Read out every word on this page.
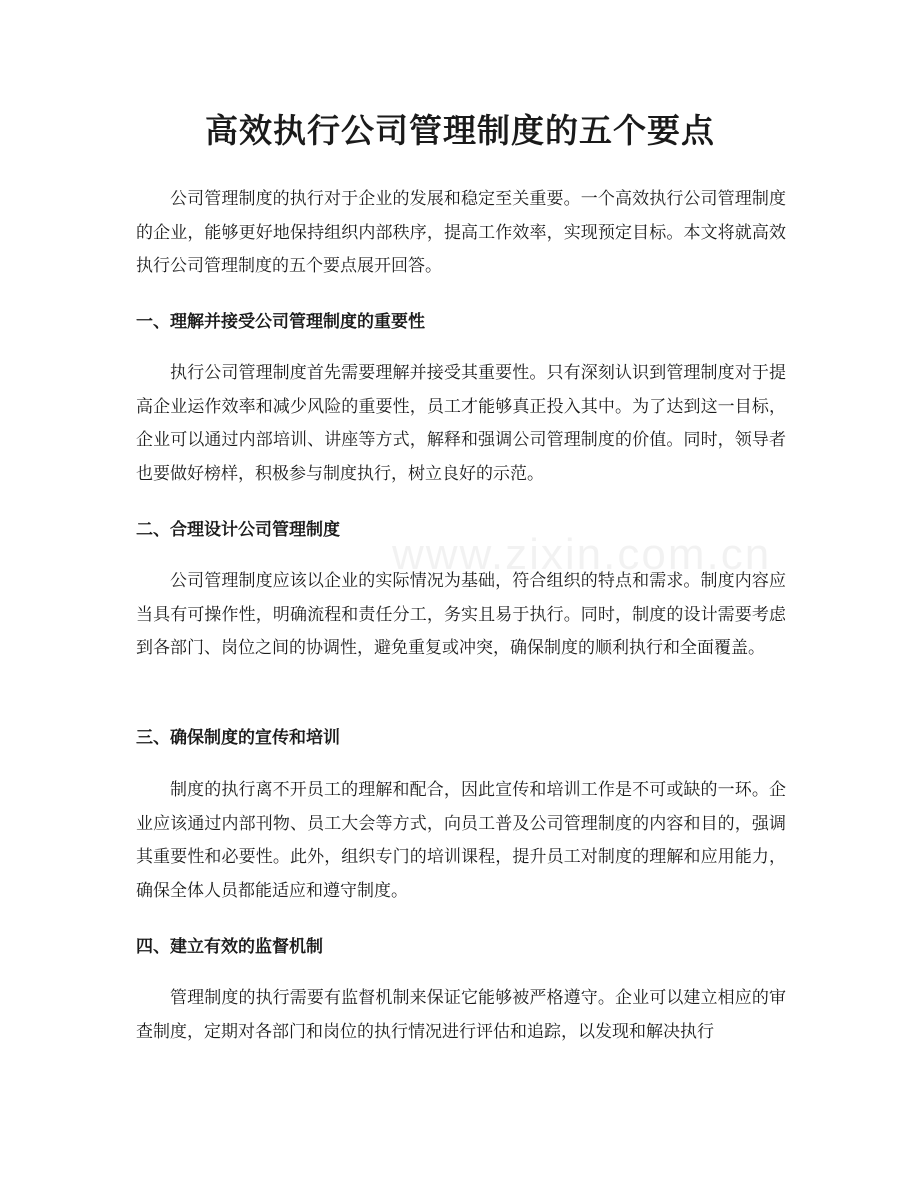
www.zixin.com.cn
高效执行公司管理制度的五个要点

公司管理制度的执行对于企业的发展和稳定至关重要。一个高效执行公司管理制度的企业，能够更好地保持组织内部秩序，提高工作效率，实现预定目标。本文将就高效执行公司管理制度的五个要点展开回答。

一、理解并接受公司管理制度的重要性

执行公司管理制度首先需要理解并接受其重要性。只有深刻认识到管理制度对于提高企业运作效率和减少风险的重要性，员工才能够真正投入其中。为了达到这一目标，企业可以通过内部培训、讲座等方式，解释和强调公司管理制度的价值。同时，领导者也要做好榜样，积极参与制度执行，树立良好的示范。

二、合理设计公司管理制度

公司管理制度应该以企业的实际情况为基础，符合组织的特点和需求。制度内容应当具有可操作性，明确流程和责任分工，务实且易于执行。同时，制度的设计需要考虑到各部门、岗位之间的协调性，避免重复或冲突，确保制度的顺利执行和全面覆盖。

三、确保制度的宣传和培训

制度的执行离不开员工的理解和配合，因此宣传和培训工作是不可或缺的一环。企业应该通过内部刊物、员工大会等方式，向员工普及公司管理制度的内容和目的，强调其重要性和必要性。此外，组织专门的培训课程，提升员工对制度的理解和应用能力，确保全体人员都能适应和遵守制度。

四、建立有效的监督机制

管理制度的执行需要有监督机制来保证它能够被严格遵守。企业可以建立相应的审查制度，定期对各部门和岗位的执行情况进行评估和追踪，以发现和解决执行
